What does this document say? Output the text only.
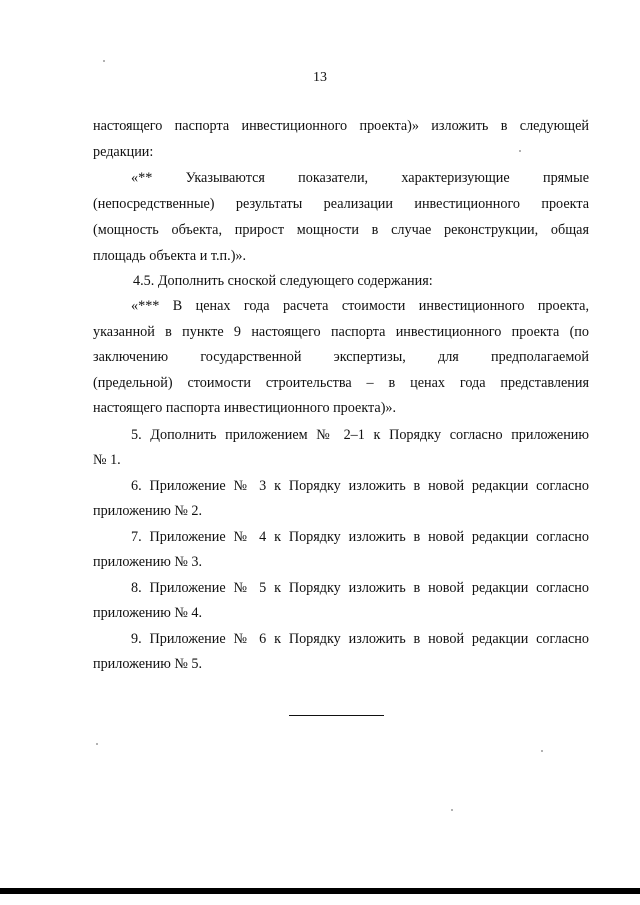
13
настоящего паспорта инвестиционного проекта)» изложить в следующей
редакции:
«** Указываются показатели, характеризующие прямые
(непосредственные) результаты реализации инвестиционного проекта
(мощность объекта, прирост мощности в случае реконструкции, общая
площадь объекта и т.п.)».
4.5. Дополнить сноской следующего содержания:
«*** В ценах года расчета стоимости инвестиционного проекта,
указанной в пункте 9 настоящего паспорта инвестиционного проекта (по
заключению государственной экспертизы, для предполагаемой
(предельной) стоимости строительства – в ценах года представления
настоящего паспорта инвестиционного проекта)».
5. Дополнить приложением № 2–1 к Порядку согласно приложению
№ 1.
6. Приложение № 3 к Порядку изложить в новой редакции согласно
приложению № 2.
7. Приложение № 4 к Порядку изложить в новой редакции согласно
приложению № 3.
8. Приложение № 5 к Порядку изложить в новой редакции согласно
приложению № 4.
9. Приложение № 6 к Порядку изложить в новой редакции согласно
приложению № 5.
